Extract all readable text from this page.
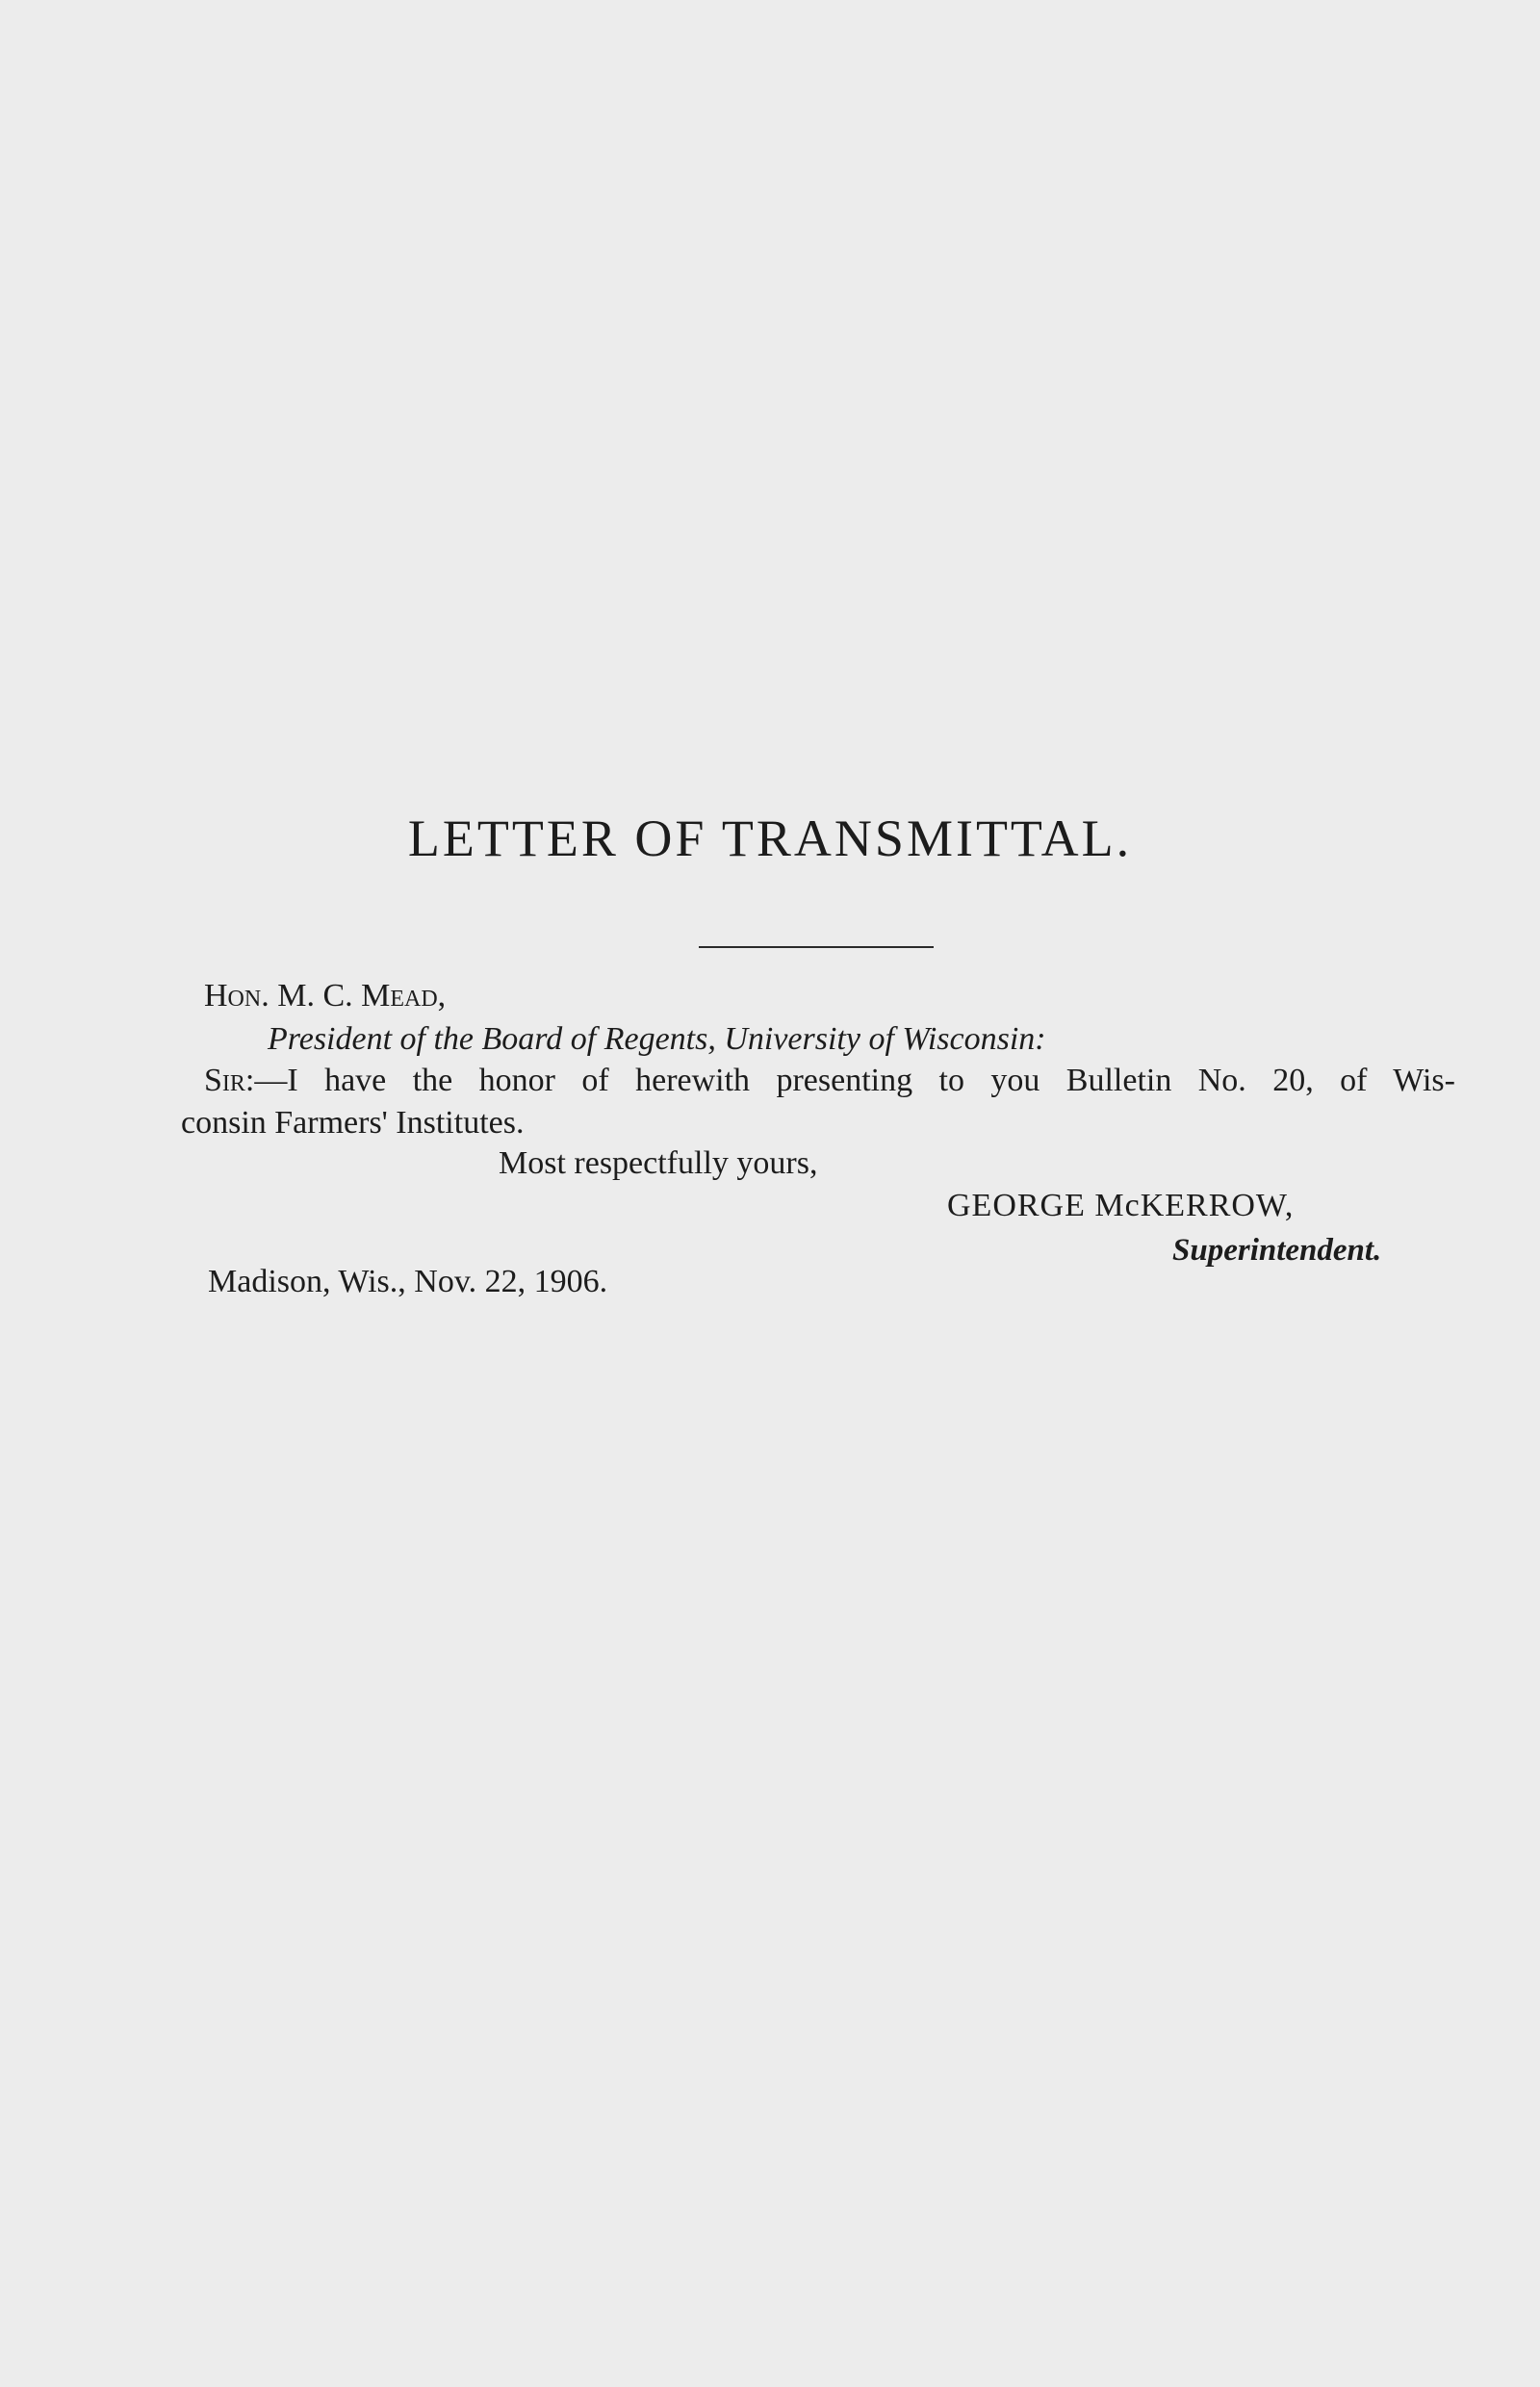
LETTER OF TRANSMITTAL.
Hon. M. C. Mead,
President of the Board of Regents, University of Wisconsin:
Sir:—I have the honor of herewith presenting to you Bulletin No. 20, of Wis-
consin Farmers' Institutes.
Most respectfully yours,
GEORGE McKERROW,
Superintendent.
Madison, Wis., Nov. 22, 1906.
